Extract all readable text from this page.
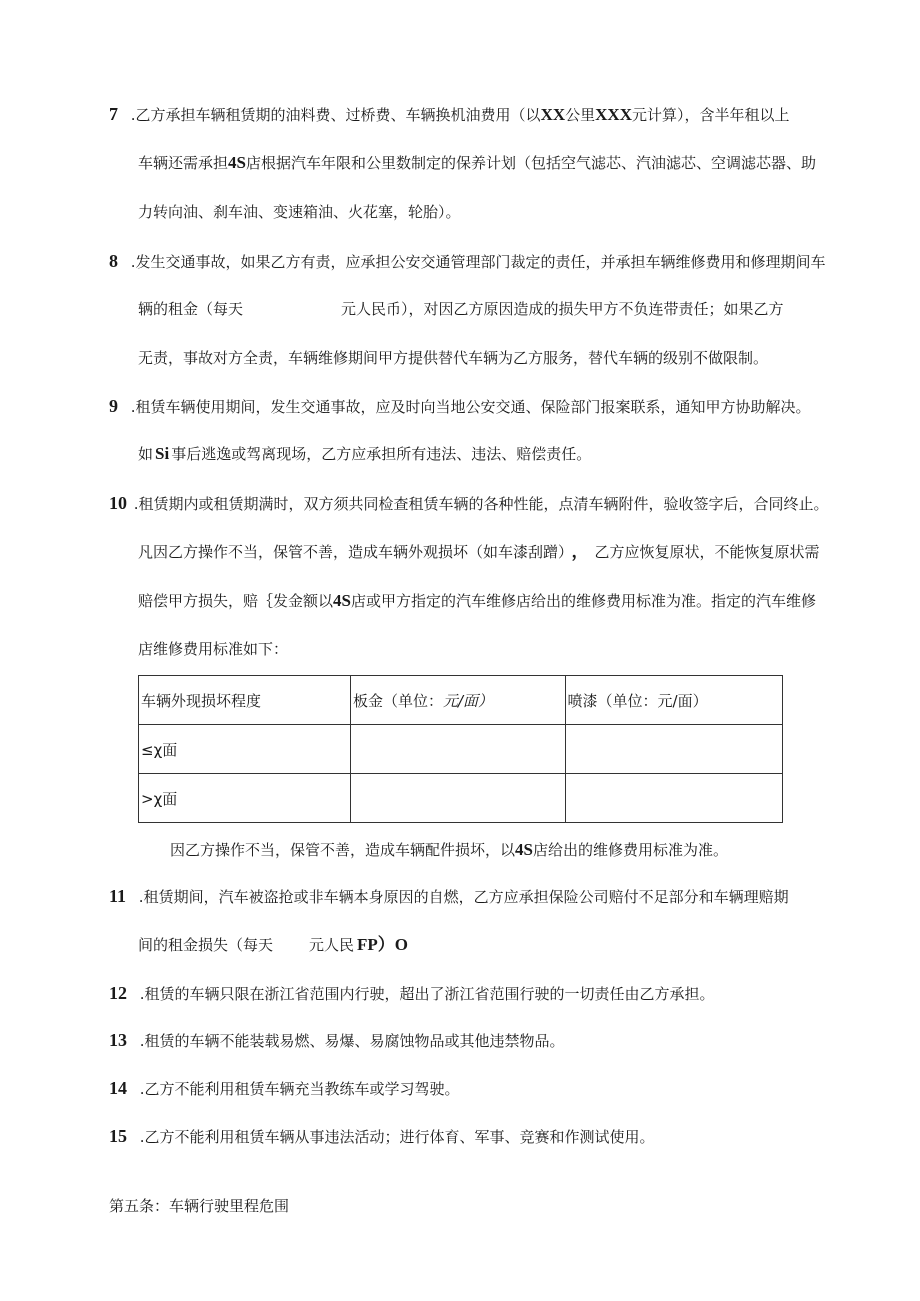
7 .乙方承担车辆租赁期的油料费、过桥费、车辆换机油费用（以XX公里XXX元计算），含半年租以上
车辆还需承担4S店根据汽车年限和公里数制定的保养计划（包括空气滤芯、汽油滤芯、空调滤芯器、助
力转向油、刹车油、变速箱油、火花塞，轮胎）。
8 .发生交通事故，如果乙方有责，应承担公安交通管理部门裁定的责任，并承担车辆维修费用和修理期间车
辆的租金（每天	元人民币），对因乙方原因造成的损失甲方不负连带责任；如果乙方
无责，事故对方全责，车辆维修期间甲方提供替代车辆为乙方服务，替代车辆的级别不做限制。
9 .租赁车辆使用期间，发生交通事故，应及时向当地公安交通、保险部门报案联系，通知甲方协助解决。
如 Si 事后逃逸或驾离现场，乙方应承担所有违法、违法、赔偿责任。
10 .租赁期内或租赁期满时，双方须共同检查租赁车辆的各种性能，点清车辆附件，验收签字后，合同终止。
凡因乙方操作不当，保管不善，造成车辆外观损坏（如车漆刮蹭） ， 乙方应恢复原状，不能恢复原状需
赔偿甲方损失，赔｛发金额以4S店或甲方指定的汽车维修店给出的维修费用标准为准。指定的汽车维修
店维修费用标准如下：
车辆外现损坏程度	板金（单位：元/面）	喷漆（单位：元/面）
≤χ面		
>χ面		
因乙方操作不当，保管不善，造成车辆配件损坏，以4S店给出的维修费用标准为准。
11 .租赁期间，汽车被盗抢或非车辆本身原因的自燃，乙方应承担保险公司赔付不足部分和车辆理赔期
间的租金损失（每天 元人民 FP）O
12 .租赁的车辆只限在浙江省范围内行驶，超出了浙江省范围行驶的一切责任由乙方承担。
13 .租赁的车辆不能装载易燃、易爆、易腐蚀物品或其他违禁物品。
14 .乙方不能利用租赁车辆充当教练车或学习驾驶。
15 .乙方不能利用租赁车辆从事违法活动；进行体育、军事、竞赛和作测试使用。
第五条：车辆行驶里程危围
